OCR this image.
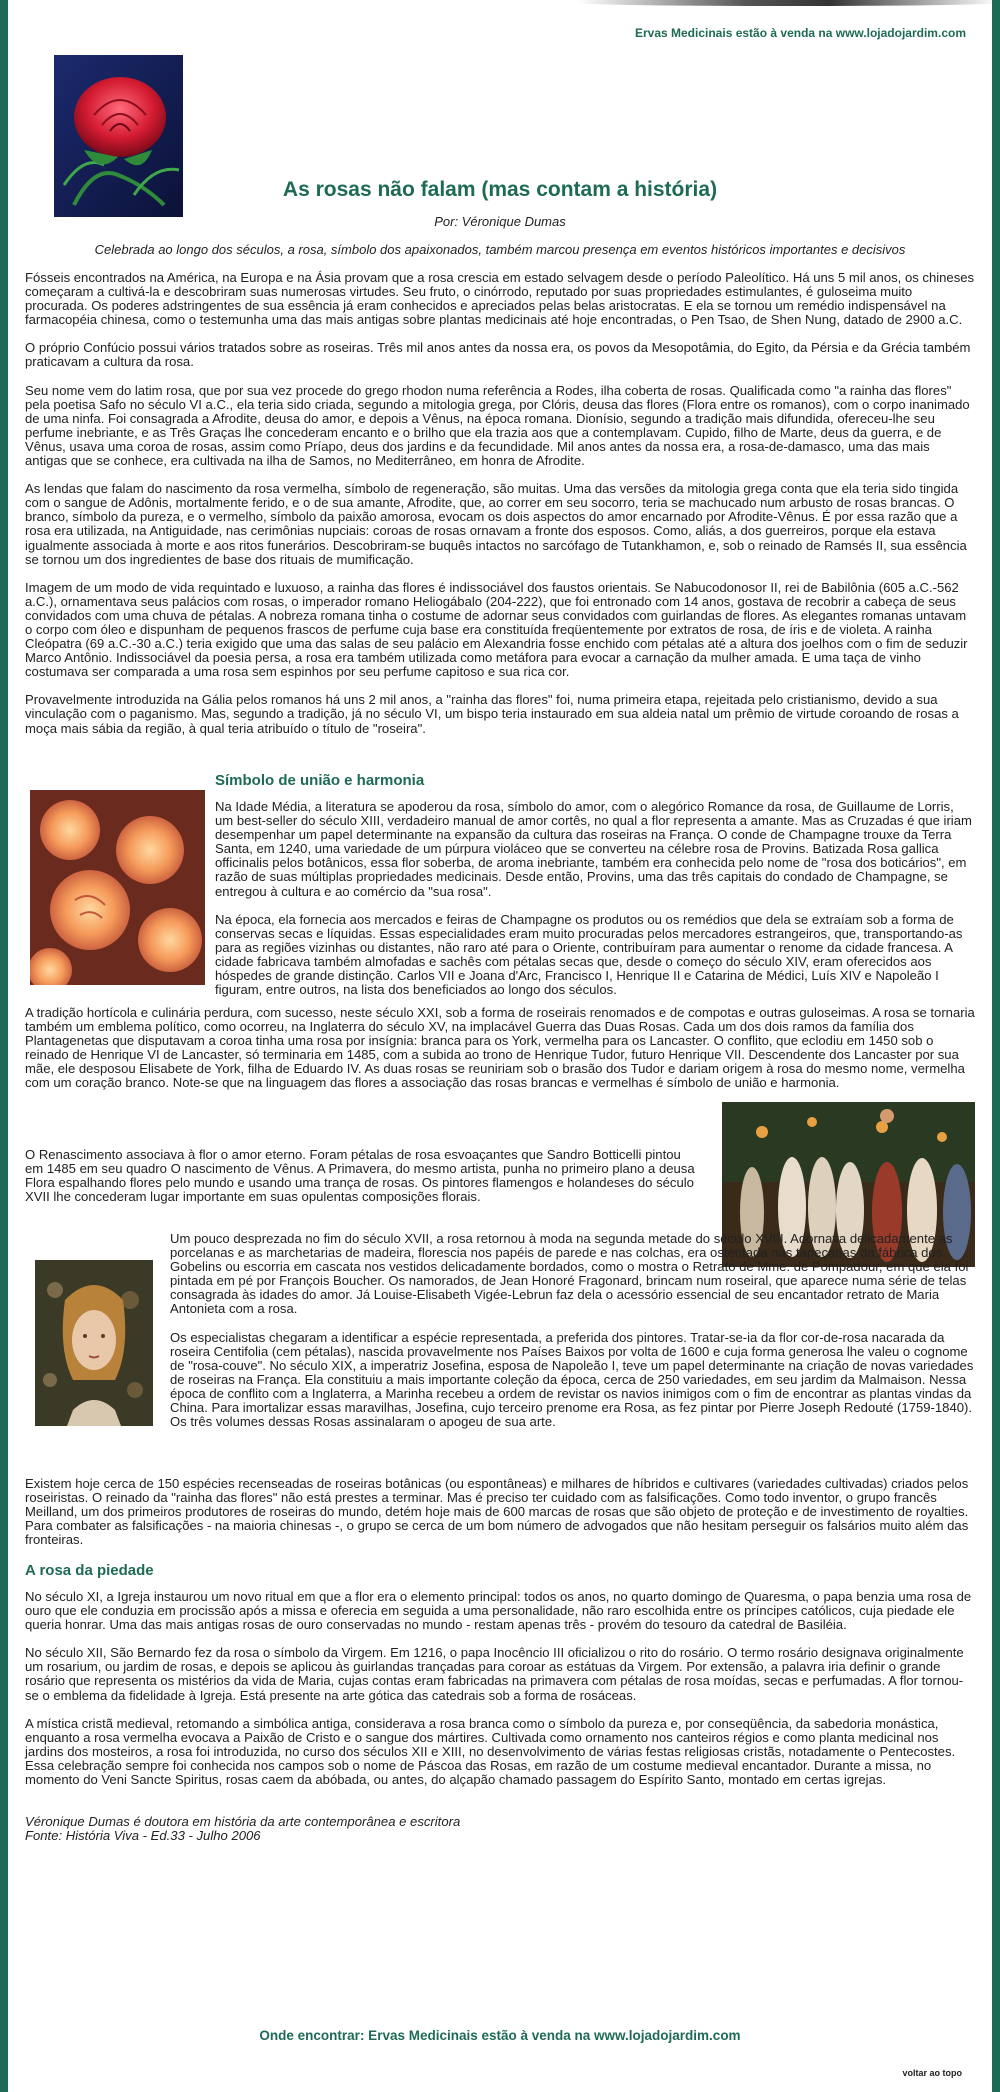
Ervas Medicinais estão à venda na www.lojadojardim.com
As rosas não falam (mas contam a história)
Por: Véronique Dumas
Celebrada ao longo dos séculos, a rosa, símbolo dos apaixonados, também marcou presença em eventos históricos importantes e decisivos

Fósseis encontrados na América, na Europa e na Ásia provam que a rosa crescia em estado selvagem desde o período Paleolítico. Há uns 5 mil anos, os chineses começaram a cultivá-la e descobriram suas numerosas virtudes. Seu fruto, o cinórrodo, reputado por suas propriedades estimulantes, é guloseima muito procurada. Os poderes adstringentes de sua essência já eram conhecidos e apreciados pelas belas aristocratas. E ela se tornou um remédio indispensável na farmacopéia chinesa, como o testemunha uma das mais antigas sobre plantas medicinais até hoje encontradas, o Pen Tsao, de Shen Nung, datado de 2900 a.C.

O próprio Confúcio possui vários tratados sobre as roseiras. Três mil anos antes da nossa era, os povos da Mesopotâmia, do Egito, da Pérsia e da Grécia também praticavam a cultura da rosa.

Seu nome vem do latim rosa, que por sua vez procede do grego rhodon numa referência a Rodes, ilha coberta de rosas. Qualificada como "a rainha das flores" pela poetisa Safo no século VI a.C., ela teria sido criada, segundo a mitologia grega, por Clóris, deusa das flores (Flora entre os romanos), com o corpo inanimado de uma ninfa. Foi consagrada a Afrodite, deusa do amor, e depois a Vênus, na época romana. Dionísio, segundo a tradição mais difundida, ofereceu-lhe seu perfume inebriante, e as Três Graças lhe concederam encanto e o brilho que ela trazia aos que a contemplavam. Cupido, filho de Marte, deus da guerra, e de Vênus, usava uma coroa de rosas, assim como Príapo, deus dos jardins e da fecundidade. Mil anos antes da nossa era, a rosa-de-damasco, uma das mais antigas que se conhece, era cultivada na ilha de Samos, no Mediterrâneo, em honra de Afrodite.

As lendas que falam do nascimento da rosa vermelha, símbolo de regeneração, são muitas. Uma das versões da mitologia grega conta que ela teria sido tingida com o sangue de Adônis, mortalmente ferido, e o de sua amante, Afrodite, que, ao correr em seu socorro, teria se machucado num arbusto de rosas brancas. O branco, símbolo da pureza, e o vermelho, símbolo da paixão amorosa, evocam os dois aspectos do amor encarnado por Afrodite-Vênus. É por essa razão que a rosa era utilizada, na Antiguidade, nas cerimônias nupciais: coroas de rosas ornavam a fronte dos esposos. Como, aliás, a dos guerreiros, porque ela estava igualmente associada à morte e aos ritos funerários. Descobriram-se buquês intactos no sarcófago de Tutankhamon, e, sob o reinado de Ramsés II, sua essência se tornou um dos ingredientes de base dos rituais de mumificação.

Imagem de um modo de vida requintado e luxuoso, a rainha das flores é indissociável dos faustos orientais. Se Nabucodonosor II, rei de Babilônia (605 a.C.-562 a.C.), ornamentava seus palácios com rosas, o imperador romano Heliogábalo (204-222), que foi entronado com 14 anos, gostava de recobrir a cabeça de seus convidados com uma chuva de pétalas. A nobreza romana tinha o costume de adornar seus convidados com guirlandas de flores. As elegantes romanas untavam o corpo com óleo e dispunham de pequenos frascos de perfume cuja base era constituída freqüentemente por extratos de rosa, de íris e de violeta. A rainha Cleópatra (69 a.C.-30 a.C.) teria exigido que uma das salas de seu palácio em Alexandria fosse enchido com pétalas até a altura dos joelhos com o fim de seduzir Marco Antônio. Indissociável da poesia persa, a rosa era também utilizada como metáfora para evocar a carnação da mulher amada. E uma taça de vinho costumava ser comparada a uma rosa sem espinhos por seu perfume capitoso e sua rica cor.

Provavelmente introduzida na Gália pelos romanos há uns 2 mil anos, a "rainha das flores" foi, numa primeira etapa, rejeitada pelo cristianismo, devido a sua vinculação com o paganismo. Mas, segundo a tradição, já no século VI, um bispo teria instaurado em sua aldeia natal um prêmio de virtude coroando de rosas a moça mais sábia da região, à qual teria atribuído o título de "roseira".

Símbolo de união e harmonia

Na Idade Média, a literatura se apoderou da rosa, símbolo do amor, com o alegórico Romance da rosa, de Guillaume de Lorris, um best-seller do século XIII, verdadeiro manual de amor cortês, no qual a flor representa a amante. Mas as Cruzadas é que iriam desempenhar um papel determinante na expansão da cultura das roseiras na França. O conde de Champagne trouxe da Terra Santa, em 1240, uma variedade de um púrpura violáceo que se converteu na célebre rosa de Provins. Batizada Rosa gallica officinalis pelos botânicos, essa flor soberba, de aroma inebriante, também era conhecida pelo nome de "rosa dos boticários", em razão de suas múltiplas propriedades medicinais. Desde então, Provins, uma das três capitais do condado de Champagne, se entregou à cultura e ao comércio da "sua rosa".

Na época, ela fornecia aos mercados e feiras de Champagne os produtos ou os remédios que dela se extraíam sob a forma de conservas secas e líquidas. Essas especialidades eram muito procuradas pelos mercadores estrangeiros, que, transportando-as para as regiões vizinhas ou distantes, não raro até para o Oriente, contribuíram para aumentar o renome da cidade francesa. A cidade fabricava também almofadas e sachês com pétalas secas que, desde o começo do século XIV, eram oferecidos aos hóspedes de grande distinção. Carlos VII e Joana d'Arc, Francisco I, Henrique II e Catarina de Médici, Luís XIV e Napoleão I figuram, entre outros, na lista dos beneficiados ao longo dos séculos.

A tradição hortícola e culinária perdura, com sucesso, neste século XXI, sob a forma de roseirais renomados e de compotas e outras guloseimas. A rosa se tornaria também um emblema político, como ocorreu, na Inglaterra do século XV, na implacável Guerra das Duas Rosas. Cada um dos dois ramos da família dos Plantagenetas que disputavam a coroa tinha uma rosa por insígnia: branca para os York, vermelha para os Lancaster. O conflito, que eclodiu em 1450 sob o reinado de Henrique VI de Lancaster, só terminaria em 1485, com a subida ao trono de Henrique Tudor, futuro Henrique VII. Descendente dos Lancaster por sua mãe, ele desposou Elisabete de York, filha de Eduardo IV. As duas rosas se reuniriam sob o brasão dos Tudor e dariam origem à rosa do mesmo nome, vermelha com um coração branco. Note-se que na linguagem das flores a associação das rosas brancas e vermelhas é símbolo de união e harmonia.

O Renascimento associava à flor o amor eterno. Foram pétalas de rosa esvoaçantes que Sandro Botticelli pintou em 1485 em seu quadro O nascimento de Vênus. A Primavera, do mesmo artista, punha no primeiro plano a deusa Flora espalhando flores pelo mundo e usando uma trança de rosas. Os pintores flamengos e holandeses do século XVII lhe concederam lugar importante em suas opulentas composições florais.

Um pouco desprezada no fim do século XVII, a rosa retornou à moda na segunda metade do século XVIII. Adornava delicadamente as porcelanas e as marchetarias de madeira, florescia nos papéis de parede e nas colchas, era ostentada nas tapeçarias da fábrica dos Gobelins ou escorria em cascata nos vestidos delicadamente bordados, como o mostra o Retrato de Mme. de Pompadour, em que ela foi pintada em pé por François Boucher. Os namorados, de Jean Honoré Fragonard, brincam num roseiral, que aparece numa série de telas consagrada às idades do amor. Já Louise-Elisabeth Vigée-Lebrun faz dela o acessório essencial de seu encantador retrato de Maria Antonieta com a rosa.

Os especialistas chegaram a identificar a espécie representada, a preferida dos pintores. Tratar-se-ia da flor cor-de-rosa nacarada da roseira Centifolia (cem pétalas), nascida provavelmente nos Países Baixos por volta de 1600 e cuja forma generosa lhe valeu o cognome de "rosa-couve". No século XIX, a imperatriz Josefina, esposa de Napoleão I, teve um papel determinante na criação de novas variedades de roseiras na França. Ela constituiu a mais importante coleção da época, cerca de 250 variedades, em seu jardim da Malmaison. Nessa época de conflito com a Inglaterra, a Marinha recebeu a ordem de revistar os navios inimigos com o fim de encontrar as plantas vindas da China. Para imortalizar essas maravilhas, Josefina, cujo terceiro prenome era Rosa, as fez pintar por Pierre Joseph Redouté (1759-1840). Os três volumes dessas Rosas assinalaram o apogeu de sua arte.

Existem hoje cerca de 150 espécies recenseadas de roseiras botânicas (ou espontâneas) e milhares de híbridos e cultivares (variedades cultivadas) criados pelos roseiristas. O reinado da "rainha das flores" não está prestes a terminar. Mas é preciso ter cuidado com as falsificações. Como todo inventor, o grupo francês Meilland, um dos primeiros produtores de roseiras do mundo, detém hoje mais de 600 marcas de rosas que são objeto de proteção e de investimento de royalties. Para combater as falsificações - na maioria chinesas -, o grupo se cerca de um bom número de advogados que não hesitam perseguir os falsários muito além das fronteiras.

A rosa da piedade

No século XI, a Igreja instaurou um novo ritual em que a flor era o elemento principal: todos os anos, no quarto domingo de Quaresma, o papa benzia uma rosa de ouro que ele conduzia em procissão após a missa e oferecia em seguida a uma personalidade, não raro escolhida entre os príncipes católicos, cuja piedade ele queria honrar. Uma das mais antigas rosas de ouro conservadas no mundo - restam apenas três - provém do tesouro da catedral de Basiléia.

No século XII, São Bernardo fez da rosa o símbolo da Virgem. Em 1216, o papa Inocêncio III oficializou o rito do rosário. O termo rosário designava originalmente um rosarium, ou jardim de rosas, e depois se aplicou às guirlandas trançadas para coroar as estátuas da Virgem. Por extensão, a palavra iria definir o grande rosário que representa os mistérios da vida de Maria, cujas contas eram fabricadas na primavera com pétalas de rosa moídas, secas e perfumadas. A flor tornou-se o emblema da fidelidade à Igreja. Está presente na arte gótica das catedrais sob a forma de rosáceas.

A mística cristã medieval, retomando a simbólica antiga, considerava a rosa branca como o símbolo da pureza e, por conseqüência, da sabedoria monástica, enquanto a rosa vermelha evocava a Paixão de Cristo e o sangue dos mártires. Cultivada como ornamento nos canteiros régios e como planta medicinal nos jardins dos mosteiros, a rosa foi introduzida, no curso dos séculos XII e XIII, no desenvolvimento de várias festas religiosas cristãs, notadamente o Pentecostes. Essa celebração sempre foi conhecida nos campos sob o nome de Páscoa das Rosas, em razão de um costume medieval encantador. Durante a missa, no momento do Veni Sancte Spiritus, rosas caem da abóbada, ou antes, do alçapão chamado passagem do Espírito Santo, montado em certas igrejas.

Véronique Dumas é doutora em história da arte contemporânea e escritora

Fonte: História Viva - Ed.33 - Julho 2006

Onde encontrar: Ervas Medicinais estão à venda na www.lojadojardim.com
voltar ao topo
